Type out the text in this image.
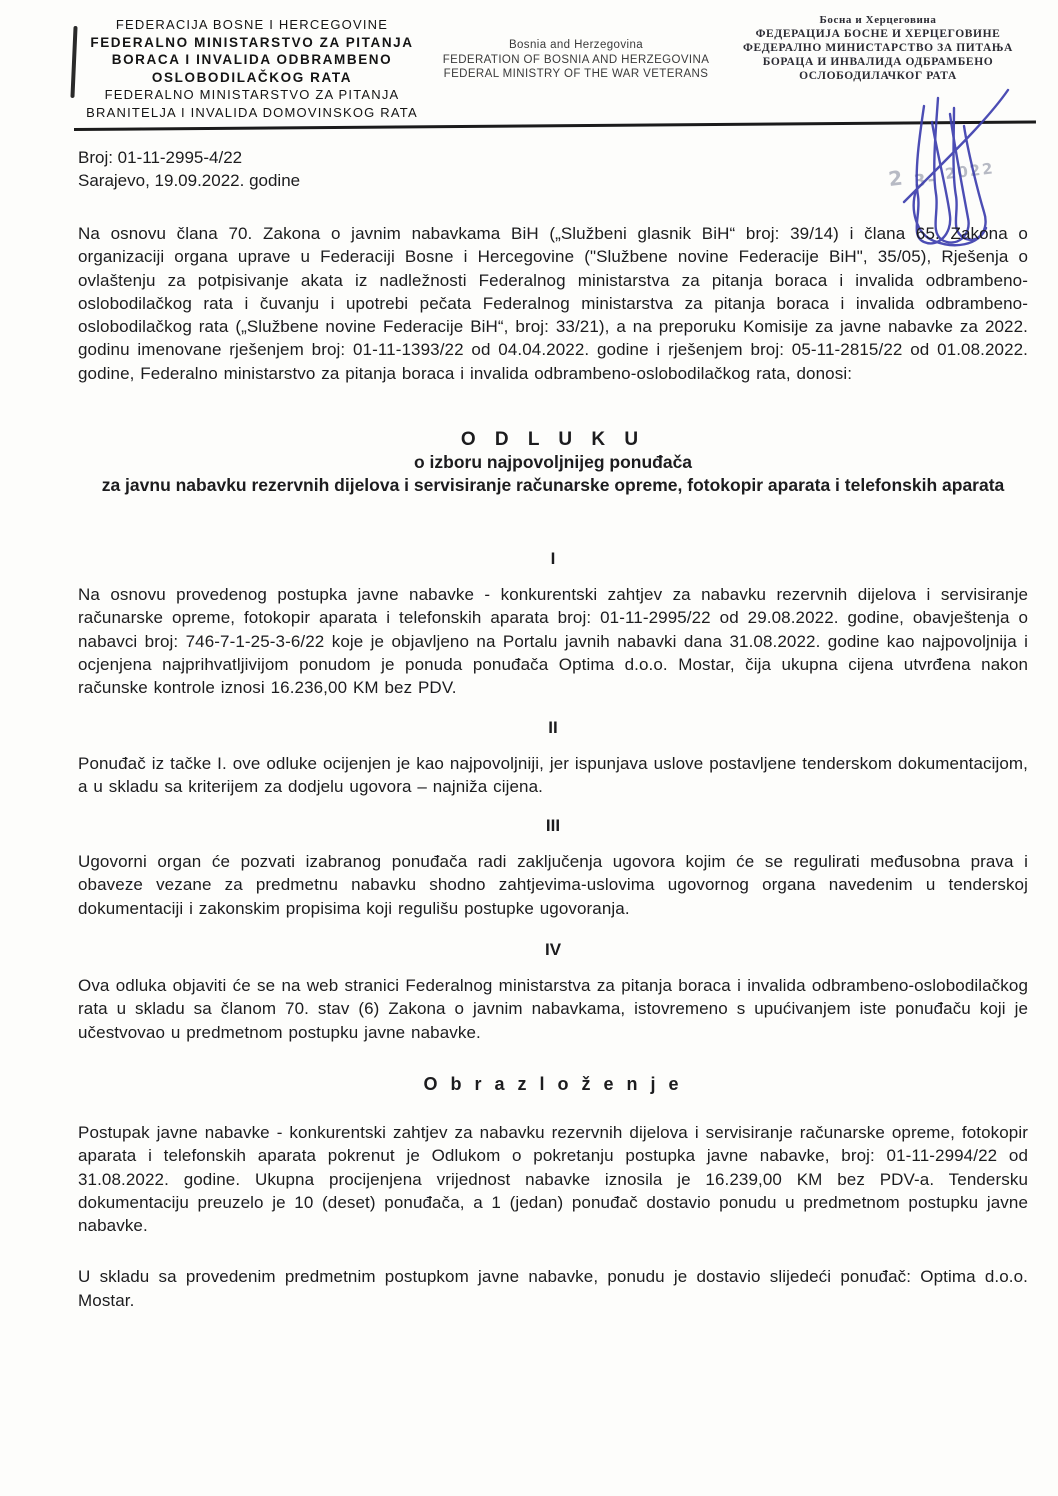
FEDERACIJA BOSNE I HERCEGOVINE
FEDERALNO MINISTARSTVO ZA PITANJA
BORACA I INVALIDA ODBRAMBENO
OSLOBODILAČKOG RATA
FEDERALNO MINISTARSTVO ZA PITANJA
BRANITELJA I INVALIDA DOMOVINSKOG RATA
Bosnia and Herzegovina
FEDERATION OF BOSNIA AND HERZEGOVINA
FEDERAL MINISTRY OF THE WAR VETERANS
Босна и Херцеговина
ФЕДЕРАЦИЈА БОСНЕ И ХЕРЦЕГОВИНЕ
ФЕДЕРАЛНО МИНИСТАРСТВО ЗА ПИТАЊА
БОРАЦА И ИНВАЛИДА ОДБРАМБЕНО
ОСЛОБОДИЛАЧКОГ РАТА
2 3- 2022
Broj: 01-11-2995-4/22
Sarajevo, 19.09.2022. godine

Na osnovu člana 70. Zakona o javnim nabavkama BiH („Službeni glasnik BiH“ broj: 39/14) i člana 65. Zakona o organizaciji organa uprave u Federaciji Bosne i Hercegovine ("Službene novine Federacije BiH", 35/05), Rješenja o ovlaštenju za potpisivanje akata iz nadležnosti Federalnog ministarstva za pitanja boraca i invalida odbrambeno-oslobodilačkog rata i čuvanju i upotrebi pečata Federalnog ministarstva za pitanja boraca i invalida odbrambeno-oslobodilačkog rata („Službene novine Federacije BiH“, broj: 33/21), a na preporuku Komisije za javne nabavke za 2022. godinu imenovane rješenjem broj: 01-11-1393/22 od 04.04.2022. godine i rješenjem broj: 05-11-2815/22 od 01.08.2022. godine, Federalno ministarstvo za pitanja boraca i invalida odbrambeno-oslobodilačkog rata, donosi:

O D L U K U
o izboru najpovoljnijeg ponuđača
za javnu nabavku rezervnih dijelova i servisiranje računarske opreme, fotokopir aparata i telefonskih aparata
I

Na osnovu provedenog postupka javne nabavke - konkurentski zahtjev za nabavku rezervnih dijelova i servisiranje računarske opreme, fotokopir aparata i telefonskih aparata broj: 01-11-2995/22 od 29.08.2022. godine, obavještenja o nabavci broj: 746-7-1-25-3-6/22 koje je objavljeno na Portalu javnih nabavki dana 31.08.2022. godine kao najpovoljnija i ocjenjena najprihvatljivijom ponudom je ponuda ponuđača Optima d.o.o. Mostar, čija ukupna cijena utvrđena nakon računske kontrole iznosi 16.236,00 KM bez PDV.

II

Ponuđač iz tačke I. ove odluke ocijenjen je kao najpovoljniji, jer ispunjava uslove postavljene tenderskom dokumentacijom, a u skladu sa kriterijem za dodjelu ugovora – najniža cijena.

III

Ugovorni organ će pozvati izabranog ponuđača radi zaključenja ugovora kojim će se regulirati međusobna prava i obaveze vezane za predmetnu nabavku shodno zahtjevima-uslovima ugovornog organa navedenim u tenderskoj dokumentaciji i zakonskim propisima koji regulišu postupke ugovoranja.

IV

Ova odluka objaviti će se na web stranici Federalnog ministarstva za pitanja boraca i invalida odbrambeno-oslobodilačkog rata u skladu sa članom 70. stav (6) Zakona o javnim nabavkama, istovremeno s upućivanjem iste ponuđaču koji je učestvovao u predmetnom postupku javne nabavke.

O b r a z l o ž e n j e

Postupak javne nabavke - konkurentski zahtjev za nabavku rezervnih dijelova i servisiranje računarske opreme, fotokopir aparata i telefonskih aparata pokrenut je Odlukom o pokretanju postupka javne nabavke, broj: 01-11-2994/22 od 31.08.2022. godine. Ukupna procijenjena vrijednost nabavke iznosila je 16.239,00 KM bez PDV-a. Tendersku dokumentaciju preuzelo je 10 (deset) ponuđača, a 1 (jedan) ponuđač dostavio ponudu u predmetnom postupku javne nabavke.

U skladu sa provedenim predmetnim postupkom javne nabavke, ponudu je dostavio slijedeći ponuđač: Optima d.o.o. Mostar.
